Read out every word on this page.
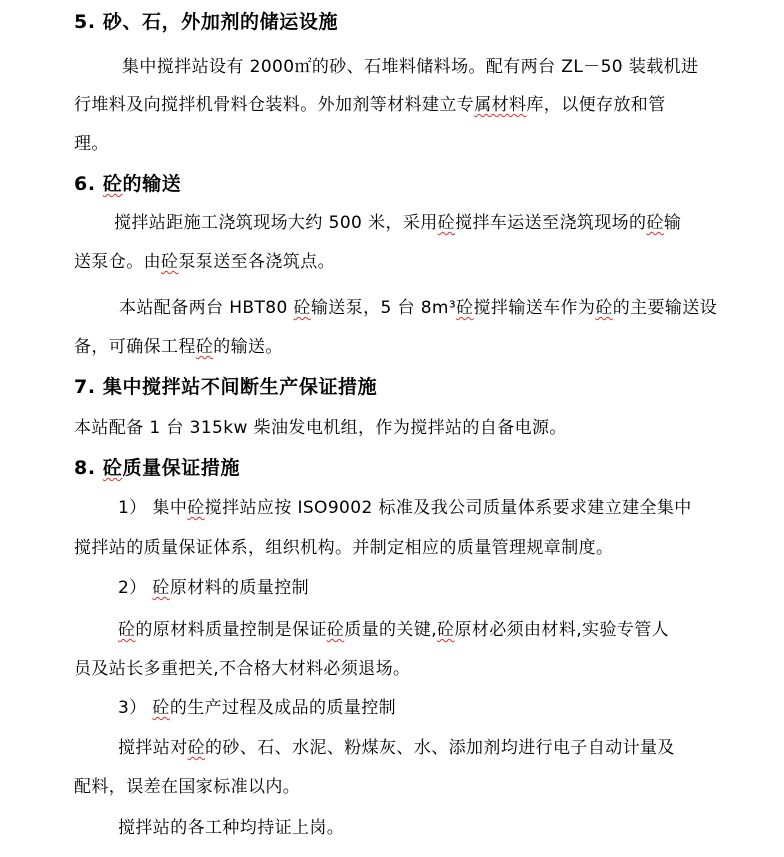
5. 砂、石，外加剂的储运设施
集中搅拌站设有 2000㎡的砂、石堆料储料场。配有两台 ZL－50 装载机进
行堆料及向搅拌机骨料仓装料。外加剂等材料建立专属材料库，以便存放和管
理。
6. 砼的输送
搅拌站距施工浇筑现场大约 500 米，采用砼搅拌车运送至浇筑现场的砼输
送泵仓。由砼泵泵送至各浇筑点。
本站配备两台 HBT80 砼输送泵，5 台 8m³砼搅拌输送车作为砼的主要输送设
备，可确保工程砼的输送。
7. 集中搅拌站不间断生产保证措施
本站配备 1 台 315kw 柴油发电机组，作为搅拌站的自备电源。
8. 砼质量保证措施
1） 集中砼搅拌站应按 ISO9002 标准及我公司质量体系要求建立建全集中
搅拌站的质量保证体系，组织机构。并制定相应的质量管理规章制度。
2） 砼原材料的质量控制
砼的原材料质量控制是保证砼质量的关键,砼原材必须由材料,实验专管人
员及站长多重把关,不合格大材料必须退场。
3） 砼的生产过程及成品的质量控制
搅拌站对砼的砂、石、水泥、粉煤灰、水、添加剂均进行电子自动计量及
配料，误差在国家标准以内。
搅拌站的各工种均持证上岗。
